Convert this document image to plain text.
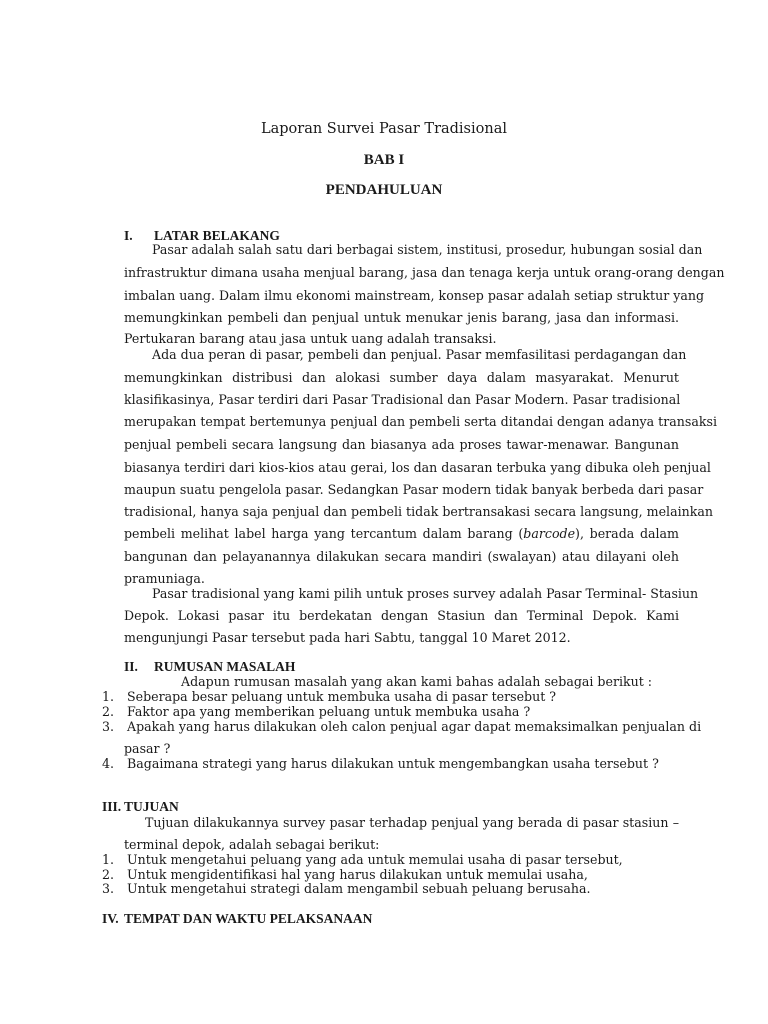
Laporan Survei Pasar Tradisional
BAB I
PENDAHULUAN
I. LATAR BELAKANG
Pasar adalah salah satu dari berbagai sistem, institusi, prosedur, hubungan sosial dan
infrastruktur dimana usaha menjual barang, jasa dan tenaga kerja untuk orang-orang dengan
imbalan uang. Dalam ilmu ekonomi mainstream, konsep pasar adalah setiap struktur yang
memungkinkan pembeli dan penjual untuk menukar jenis barang, jasa dan informasi.
Pertukaran barang atau jasa untuk uang adalah transaksi.
Ada dua peran di pasar, pembeli dan penjual. Pasar memfasilitasi perdagangan dan
memungkinkan distribusi dan alokasi sumber daya dalam masyarakat. Menurut
klasifikasinya, Pasar terdiri dari Pasar Tradisional dan Pasar Modern. Pasar tradisional
merupakan tempat bertemunya penjual dan pembeli serta ditandai dengan adanya transaksi
penjual pembeli secara langsung dan biasanya ada proses tawar-menawar. Bangunan
biasanya terdiri dari kios-kios atau gerai, los dan dasaran terbuka yang dibuka oleh penjual
maupun suatu pengelola pasar. Sedangkan Pasar modern tidak banyak berbeda dari pasar
tradisional, hanya saja penjual dan pembeli tidak bertransakasi secara langsung, melainkan
pembeli melihat label harga yang tercantum dalam barang (barcode), berada dalam
bangunan dan pelayanannya dilakukan secara mandiri (swalayan) atau dilayani oleh
pramuniaga.
Pasar tradisional yang kami pilih untuk proses survey adalah Pasar Terminal- Stasiun
Depok. Lokasi pasar itu berdekatan dengan Stasiun dan Terminal Depok. Kami
mengunjungi Pasar tersebut pada hari Sabtu, tanggal 10 Maret 2012.
II. RUMUSAN MASALAH
Adapun rumusan masalah yang akan kami bahas adalah sebagai berikut :
1. Seberapa besar peluang untuk membuka usaha di pasar tersebut ?
2. Faktor apa yang memberikan peluang untuk membuka usaha ?
3. Apakah yang harus dilakukan oleh calon penjual agar dapat memaksimalkan penjualan di
pasar ?
4. Bagaimana strategi yang harus dilakukan untuk mengembangkan usaha tersebut ?
III. TUJUAN
Tujuan dilakukannya survey pasar terhadap penjual yang berada di pasar stasiun –
terminal depok, adalah sebagai berikut:
1. Untuk mengetahui peluang yang ada untuk memulai usaha di pasar tersebut,
2. Untuk mengidentifikasi hal yang harus dilakukan untuk memulai usaha,
3. Untuk mengetahui strategi dalam mengambil sebuah peluang berusaha.
IV. TEMPAT DAN WAKTU PELAKSANAAN
